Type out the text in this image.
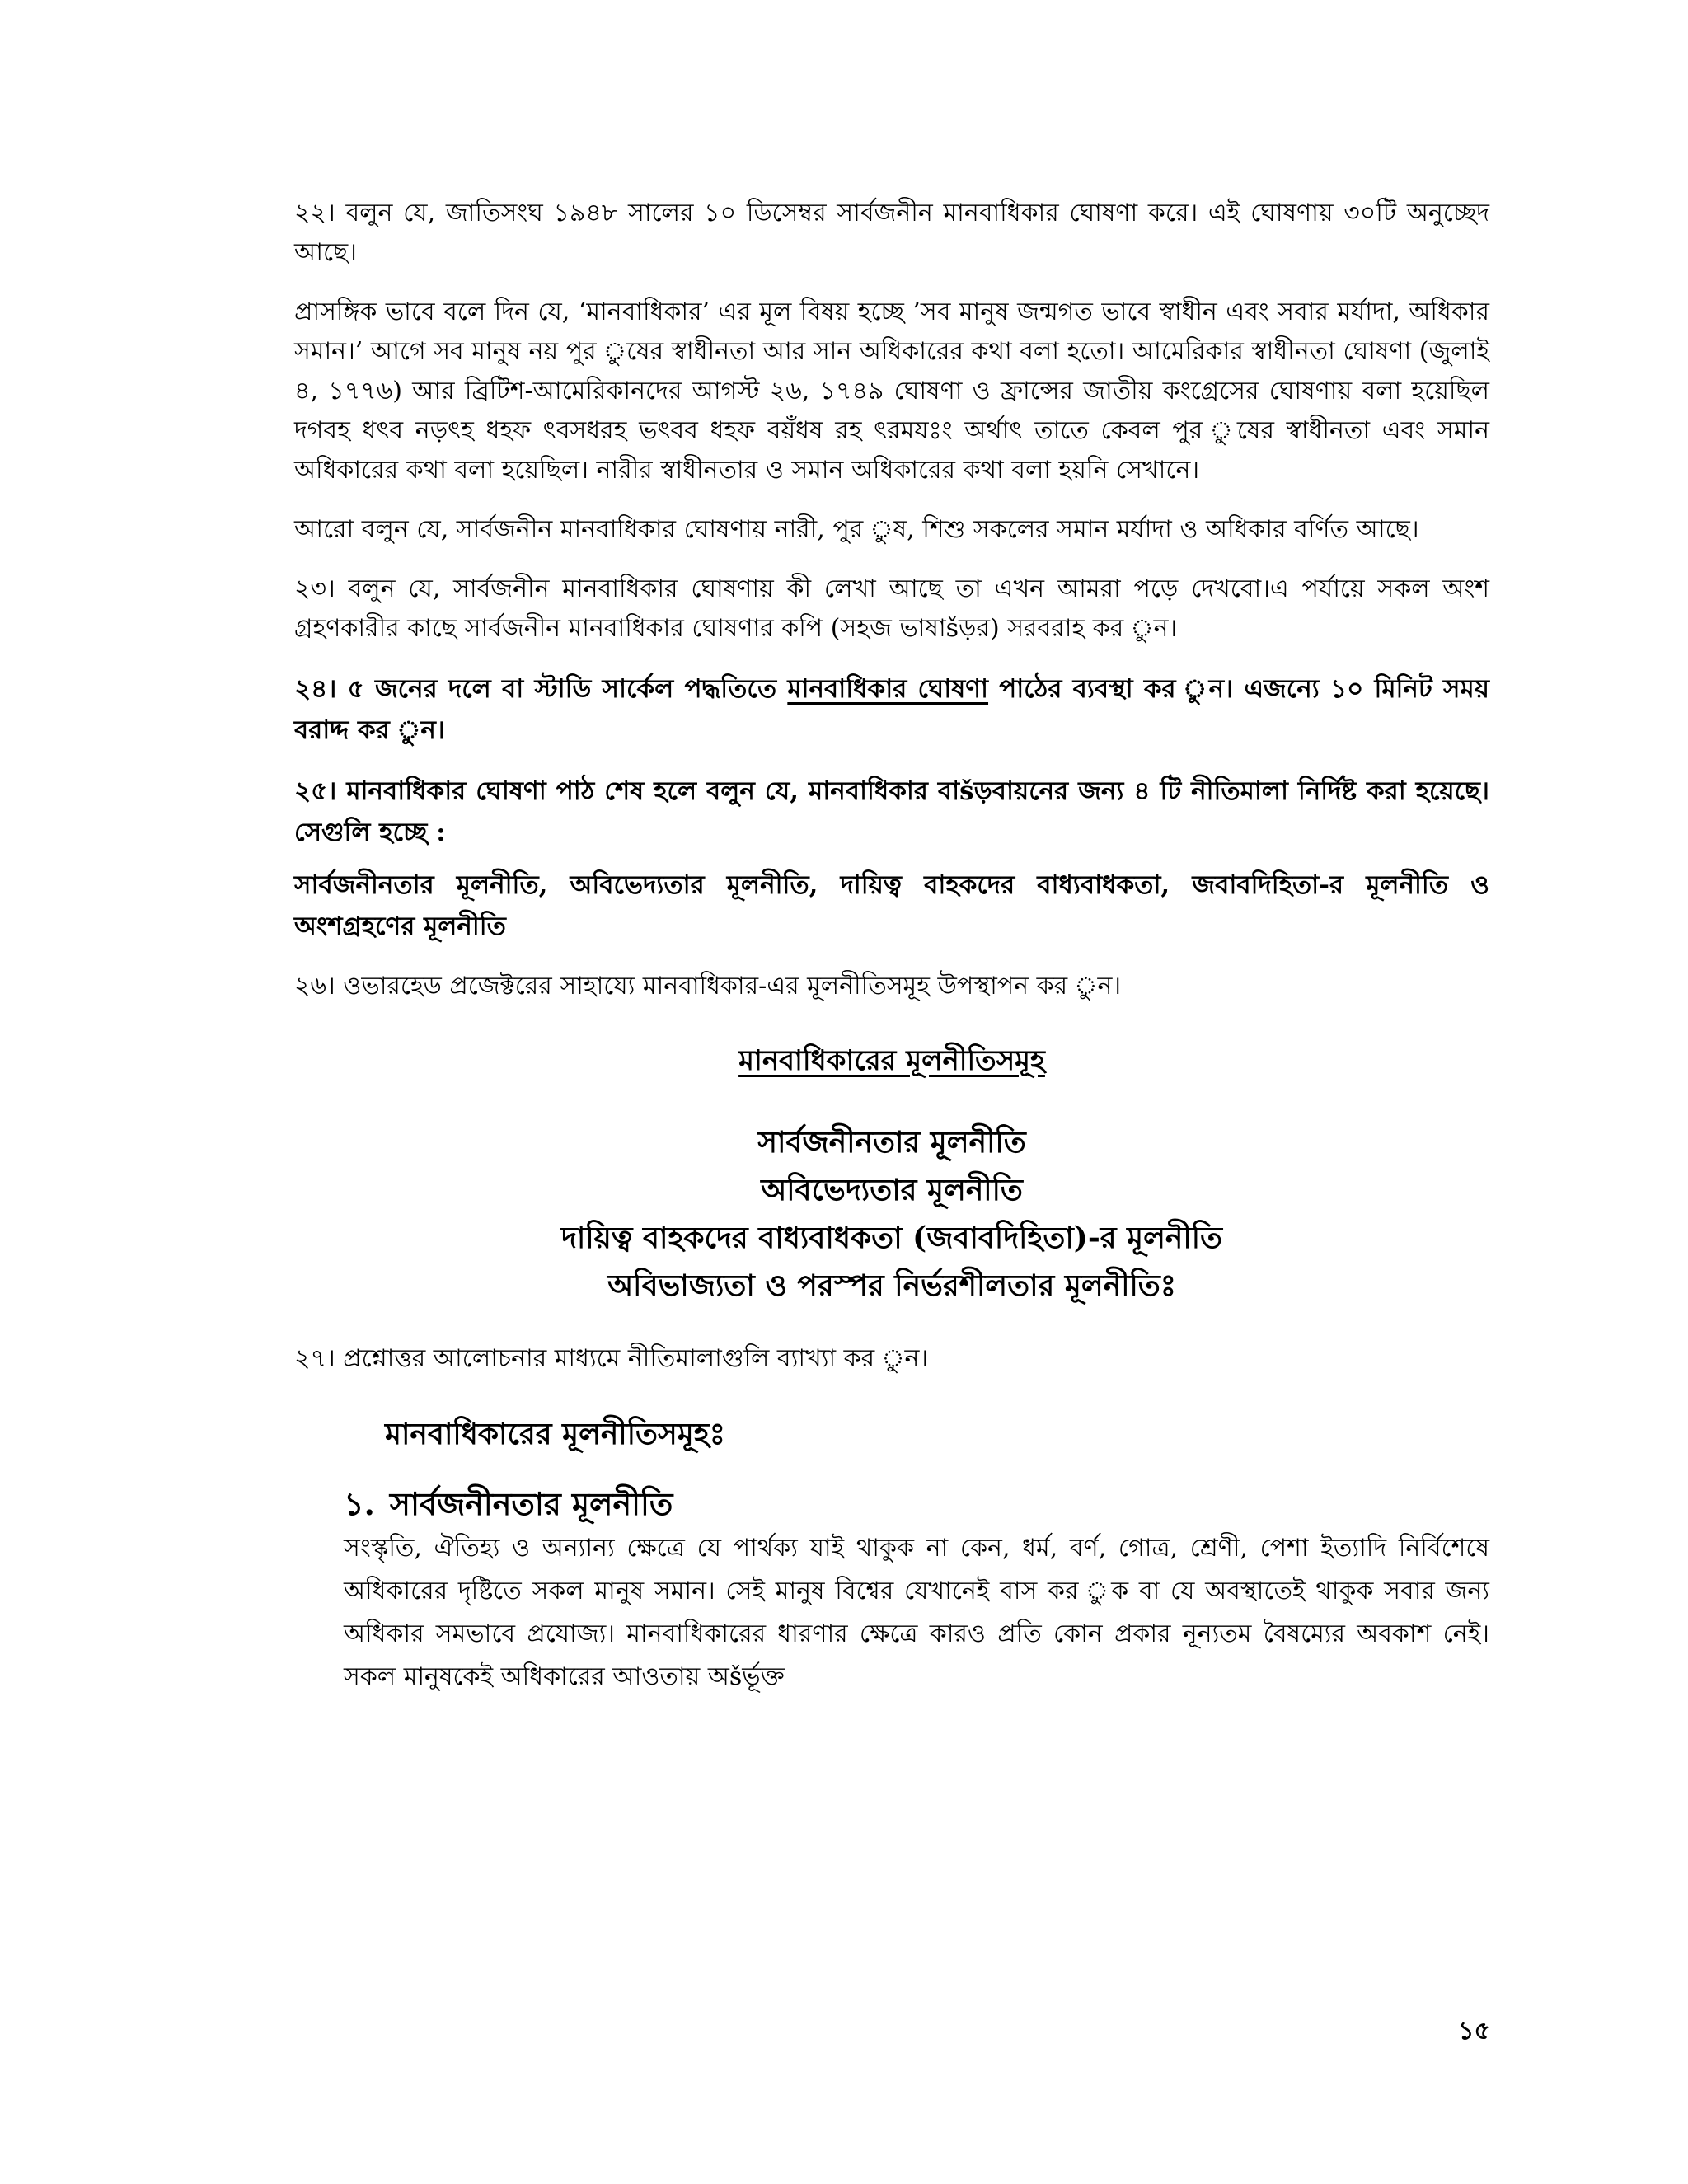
২২। বলুন যে, জাতিসংঘ ১৯৪৮ সালের ১০ ডিসেম্বর সার্বজনীন মানবাধিকার ঘোষণা করে। এই ঘোষণায় ৩০টি অনুচ্ছেদ আছে।

প্রাসঙ্গিক ভাবে বলে দিন যে, ‘মানবাধিকার’ এর মূল বিষয় হচ্ছে ’সব মানুষ জন্মগত ভাবে স্বাধীন এবং সবার মর্যাদা, অধিকার সমান।’ আগে সব মানুষ নয় পুর ুষের স্বাধীনতা আর সান অধিকারের কথা বলা হতো। আমেরিকার স্বাধীনতা ঘোষণা (জুলাই ৪, ১৭৭৬) আর ব্রিটিশ-আমেরিকানদের আগস্ট ২৬, ১৭৪৯ ঘোষণা ও ফ্রান্সের জাতীয় কংগ্রেসের ঘোষণায় বলা হয়েছিল দগবহ ধৎব নড়ৎহ ধহফ ৎবসধরহ ভৎবব ধহফ বয়ঁধষ রহ ৎরমযঃং অর্থাৎ তাতে কেবল পুর ুষের স্বাধীনতা এবং সমান অধিকারের কথা বলা হয়েছিল। নারীর স্বাধীনতার ও সমান অধিকারের কথা বলা হয়নি সেখানে।

আরো বলুন যে, সার্বজনীন মানবাধিকার ঘোষণায় নারী, পুর ুষ, শিশু সকলের সমান মর্যাদা ও অধিকার বর্ণিত আছে।

২৩। বলুন যে, সার্বজনীন মানবাধিকার ঘোষণায় কী লেখা আছে তা এখন আমরা পড়ে দেখবো।এ পর্যায়ে সকল অংশ গ্রহণকারীর কাছে সার্বজনীন মানবাধিকার ঘোষণার কপি (সহজ ভাষাšড়র) সরবরাহ কর ুন।

২৪। ৫ জনের দলে বা স্টাডি সার্কেল পদ্ধতিতে মানবাধিকার ঘোষণা পাঠের ব্যবস্থা কর ুন। এজন্যে ১০ মিনিট সময় বরাদ্দ কর ুন।

২৫। মানবাধিকার ঘোষণা পাঠ শেষ হলে বলুন যে, মানবাধিকার বাšড়বায়নের জন্য ৪ টি নীতিমালা নির্দিষ্ট করা হয়েছে। সেগুলি হচ্ছে :

সার্বজনীনতার মূলনীতি, অবিভেদ্যতার মূলনীতি, দায়িত্ব বাহকদের বাধ্যবাধকতা, জবাবদিহিতা-র মূলনীতি ও অংশগ্রহণের মূলনীতি

২৬। ওভারহেড প্রজেক্টরের সাহায্যে মানবাধিকার-এর মূলনীতিসমূহ উপস্থাপন কর ুন।

মানবাধিকারের মূলনীতিসমূহ
সার্বজনীনতার মূলনীতি
অবিভেদ্যতার মূলনীতি
দায়িত্ব বাহকদের বাধ্যবাধকতা (জবাবদিহিতা)-র মূলনীতি
অবিভাজ্যতা ও পরস্পর নির্ভরশীলতার মূলনীতিঃ

২৭। প্রশ্নোত্তর আলোচনার মাধ্যমে নীতিমালাগুলি ব্যাখ্যা কর ুন।

মানবাধিকারের মূলনীতিসমূহঃ
১. সার্বজনীনতার মূলনীতি

সংস্কৃতি, ঐতিহ্য ও অন্যান্য ক্ষেত্রে যে পার্থক্য যাই থাকুক না কেন, ধর্ম, বর্ণ, গোত্র, শ্রেণী, পেশা ইত্যাদি নির্বিশেষে অধিকারের দৃষ্টিতে সকল মানুষ সমান। সেই মানুষ বিশ্বের যেখানেই বাস কর ুক বা যে অবস্থাতেই থাকুক সবার জন্য অধিকার সমভাবে প্রযোজ্য। মানবাধিকারের ধারণার ক্ষেত্রে কারও প্রতি কোন প্রকার নূন্যতম বৈষম্যের অবকাশ নেই। সকল মানুষকেই অধিকারের আওতায় অšর্ভূক্ত

১৫
